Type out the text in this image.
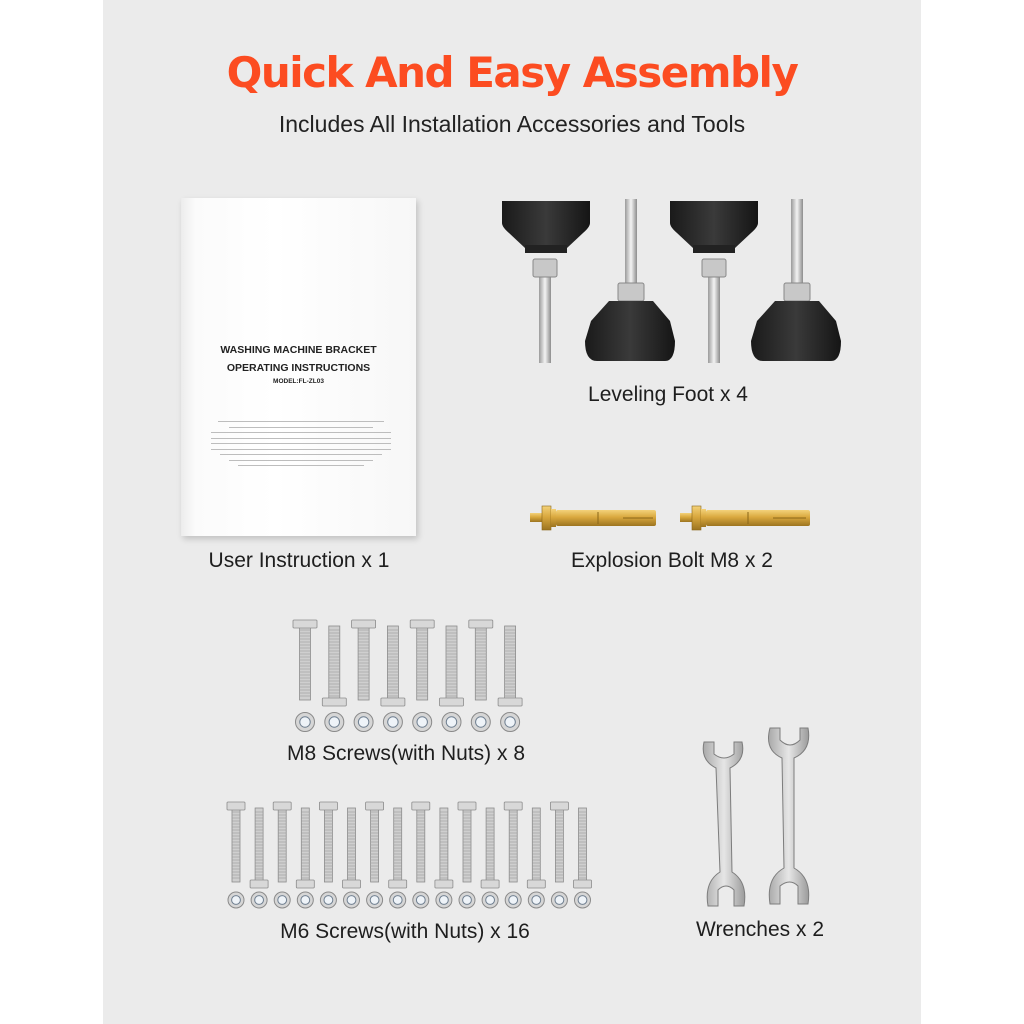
Quick And Easy Assembly
Includes All Installation Accessories and Tools
WASHING MACHINE BRACKET
OPERATING INSTRUCTIONS
MODEL:FL-ZL03
User Instruction x 1
Leveling Foot x 4
Explosion Bolt M8 x 2
M8 Screws(with Nuts) x 8
M6 Screws(with Nuts) x 16	Wrenches x 2
